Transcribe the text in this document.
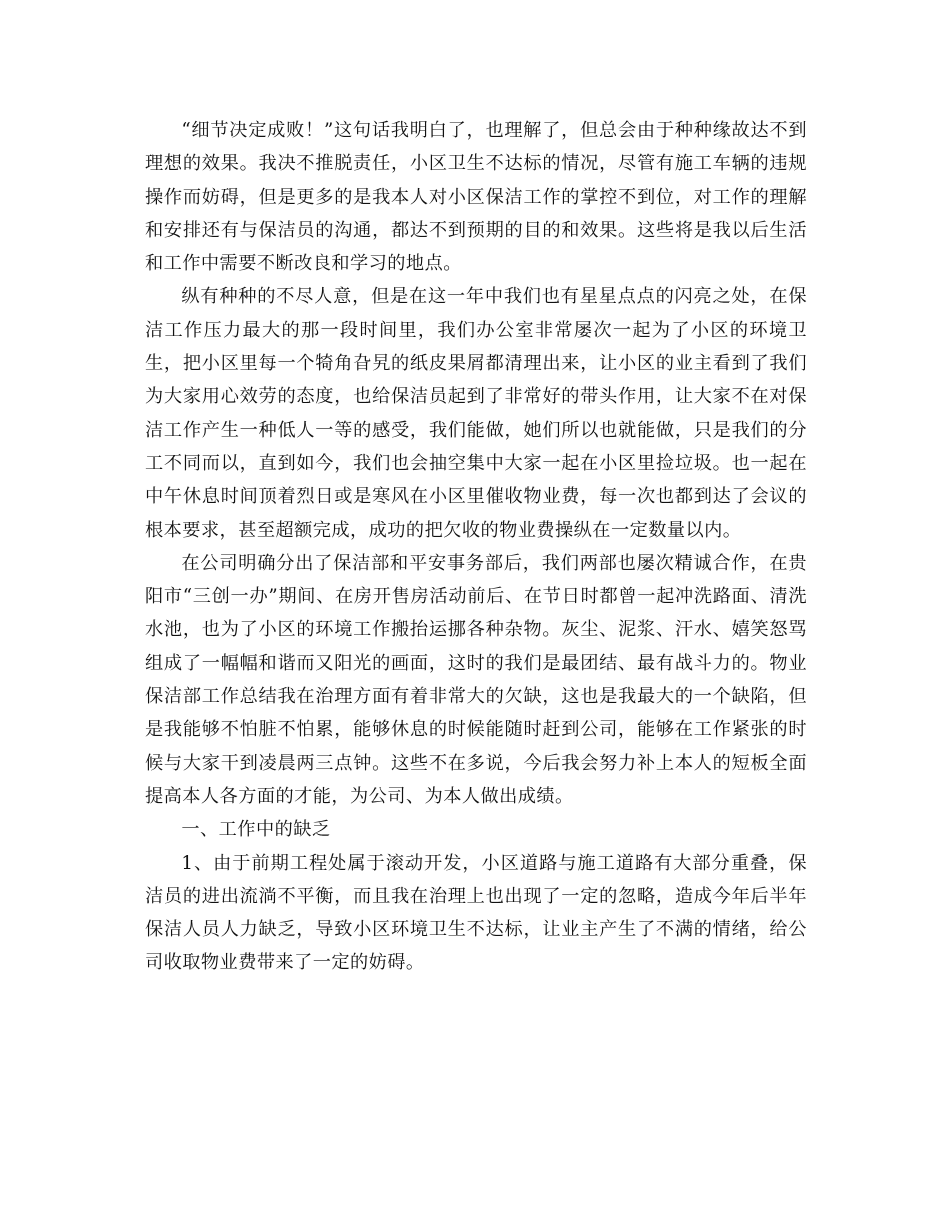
“细节决定成败！”这句话我明白了，也理解了，但总会由于种种缘故达不到理想的效果。我决不推脱责任，小区卫生不达标的情况，尽管有施工车辆的违规操作而妨碍，但是更多的是我本人对小区保洁工作的掌控不到位，对工作的理解和安排还有与保洁员的沟通，都达不到预期的目的和效果。这些将是我以后生活和工作中需要不断改良和学习的地点。

纵有种种的不尽人意，但是在这一年中我们也有星星点点的闪亮之处，在保洁工作压力最大的那一段时间里，我们办公室非常屡次一起为了小区的环境卫生，把小区里每一个犄角旮旯的纸皮果屑都清理出来，让小区的业主看到了我们为大家用心效劳的态度，也给保洁员起到了非常好的带头作用，让大家不在对保洁工作产生一种低人一等的感受，我们能做，她们所以也就能做，只是我们的分工不同而以，直到如今，我们也会抽空集中大家一起在小区里捡垃圾。也一起在中午休息时间顶着烈日或是寒风在小区里催收物业费，每一次也都到达了会议的根本要求，甚至超额完成，成功的把欠收的物业费操纵在一定数量以内。

在公司明确分出了保洁部和平安事务部后，我们两部也屡次精诚合作，在贵阳市“三创一办”期间、在房开售房活动前后、在节日时都曾一起冲洗路面、清洗水池，也为了小区的环境工作搬抬运挪各种杂物。灰尘、泥浆、汗水、嬉笑怒骂组成了一幅幅和谐而又阳光的画面，这时的我们是最团结、最有战斗力的。物业保洁部工作总结我在治理方面有着非常大的欠缺，这也是我最大的一个缺陷，但是我能够不怕脏不怕累，能够休息的时候能随时赶到公司，能够在工作紧张的时候与大家干到凌晨两三点钟。这些不在多说，今后我会努力补上本人的短板全面提高本人各方面的才能，为公司、为本人做出成绩。

一、工作中的缺乏

1、由于前期工程处属于滚动开发，小区道路与施工道路有大部分重叠，保洁员的进出流淌不平衡，而且我在治理上也出现了一定的忽略，造成今年后半年保洁人员人力缺乏，导致小区环境卫生不达标，让业主产生了不满的情绪，给公司收取物业费带来了一定的妨碍。
